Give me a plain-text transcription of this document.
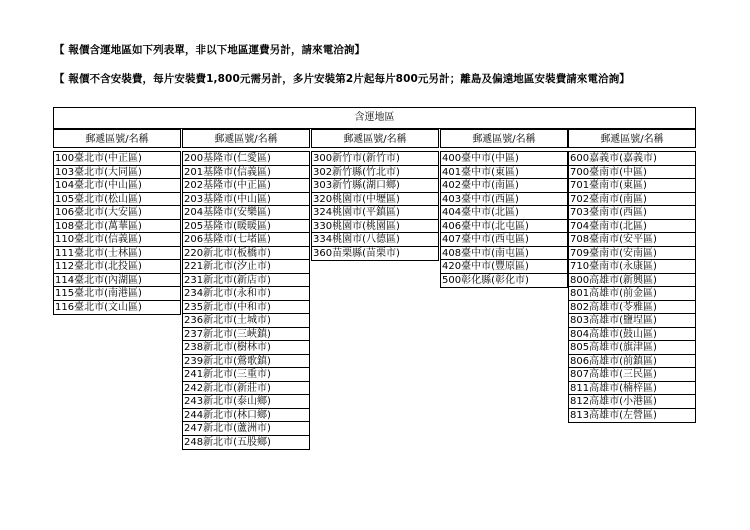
【 報價含運地區如下列表單，非以下地區運費另計，請來電洽詢】
【 報價不含安裝費，每片安裝費1,800元需另計，多片安裝第2片起每片800元另計；離島及偏遠地區安裝費請來電洽詢】
含運地區
郵遞區號/名稱
100臺北市(中正區)
103臺北市(大同區)
104臺北市(中山區)
105臺北市(松山區)
106臺北市(大安區)
108臺北市(萬華區)
110臺北市(信義區)
111臺北市(士林區)
112臺北市(北投區)
114臺北市(內湖區)
115臺北市(南港區)
116臺北市(文山區)
郵遞區號/名稱
200基隆市(仁愛區)
201基隆市(信義區)
202基隆市(中正區)
203基隆市(中山區)
204基隆市(安樂區)
205基隆市(暖暖區)
206基隆市(七堵區)
220新北市(板橋市)
221新北市(汐止市)
231新北市(新店市)
234新北市(永和市)
235新北市(中和市)
236新北市(土城市)
237新北市(三峽鎮)
238新北市(樹林市)
239新北市(鶯歌鎮)
241新北市(三重市)
242新北市(新莊市)
243新北市(泰山鄉)
244新北市(林口鄉)
247新北市(蘆洲市)
248新北市(五股鄉)
郵遞區號/名稱
300新竹市(新竹市)
302新竹縣(竹北市)
303新竹縣(湖口鄉)
320桃園市(中壢區)
324桃園市(平鎮區)
330桃園市(桃園區)
334桃園市(八德區)
360苗栗縣(苗栗市)
郵遞區號/名稱
400臺中市(中區)
401臺中市(東區)
402臺中市(南區)
403臺中市(西區)
404臺中市(北區)
406臺中市(北屯區)
407臺中市(西屯區)
408臺中市(南屯區)
420臺中市(豐原區)
500彰化縣(彰化市)
郵遞區號/名稱
600嘉義市(嘉義市)
700臺南市(中區)
701臺南市(東區)
702臺南市(南區)
703臺南市(西區)
704臺南市(北區)
708臺南市(安平區)
709臺南市(安南區)
710臺南市(永康區)
800高雄市(新興區)
801高雄市(前金區)
802高雄市(苓雅區)
803高雄市(鹽埕區)
804高雄市(鼓山區)
805高雄市(旗津區)
806高雄市(前鎮區)
807高雄市(三民區)
811高雄市(楠梓區)
812高雄市(小港區)
813高雄市(左營區)
